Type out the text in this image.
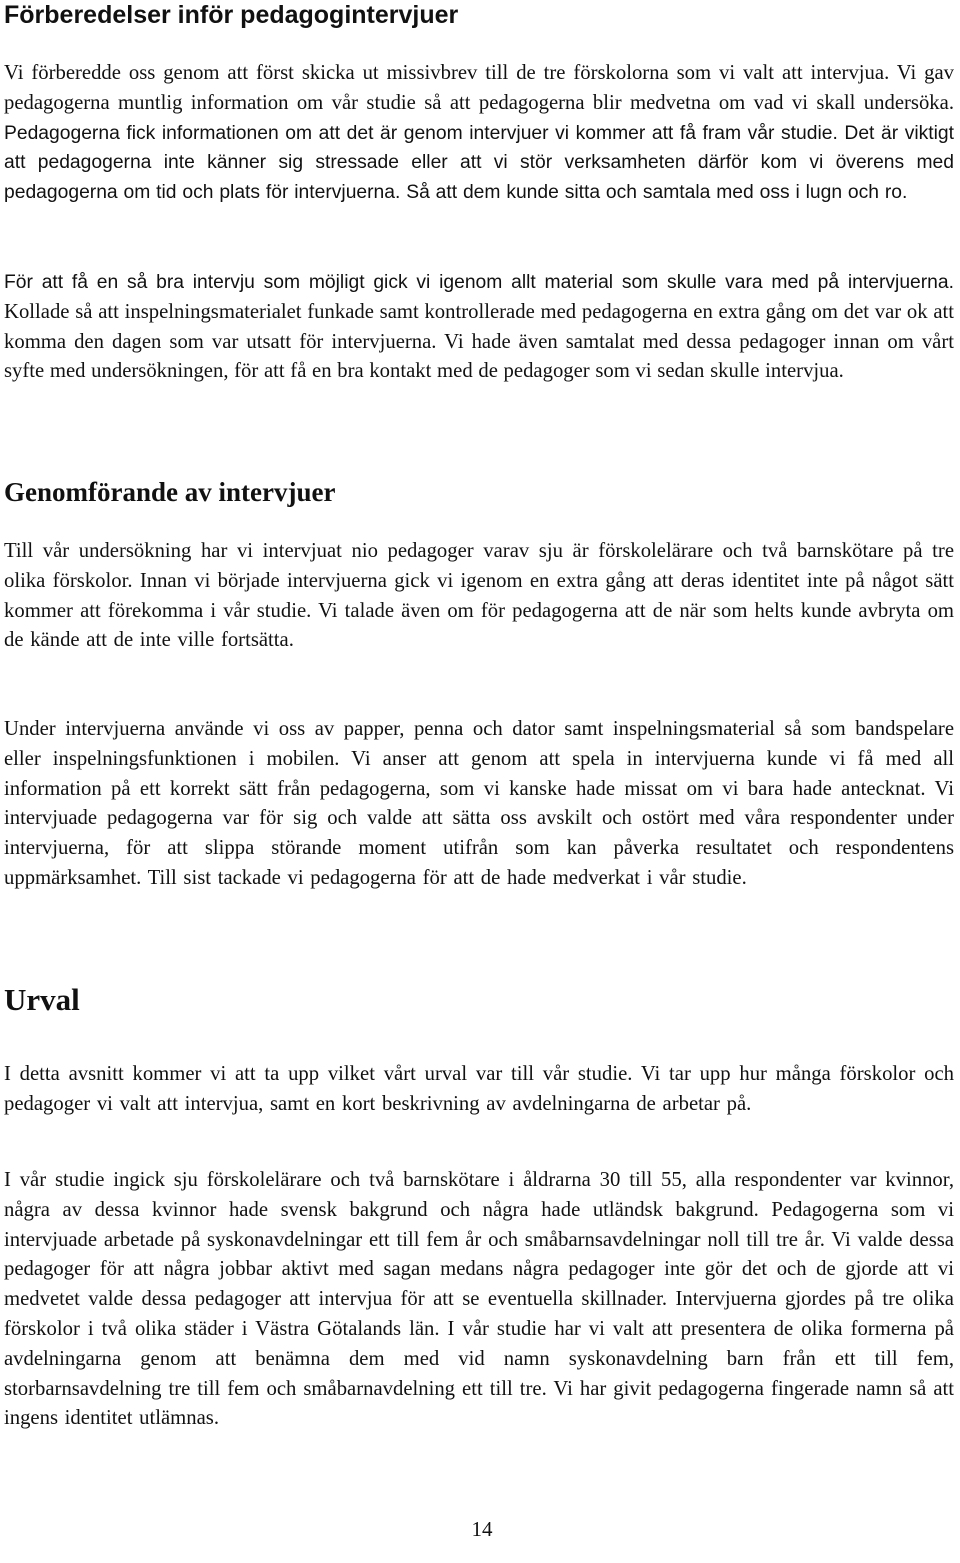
Förberedelser inför pedagogintervjuer

Vi förberedde oss genom att först skicka ut missivbrev till de tre förskolorna som vi valt att intervjua. Vi gav pedagogerna muntlig information om vår studie så att pedagogerna blir medvetna om vad vi skall undersöka. Pedagogerna fick informationen om att det är genom intervjuer vi kommer att få fram vår studie. Det är viktigt att pedagogerna inte känner sig stressade eller att vi stör verksamheten därför kom vi överens med pedagogerna om tid och plats för intervjuerna. Så att dem kunde sitta och samtala med oss i lugn och ro.

För att få en så bra intervju som möjligt gick vi igenom allt material som skulle vara med på intervjuerna. Kollade så att inspelningsmaterialet funkade samt kontrollerade med pedagogerna en extra gång om det var ok att komma den dagen som var utsatt för intervjuerna. Vi hade även samtalat med dessa pedagoger innan om vårt syfte med undersökningen, för att få en bra kontakt med de pedagoger som vi sedan skulle intervjua.

Genomförande av intervjuer

Till vår undersökning har vi intervjuat nio pedagoger varav sju är förskolelärare och två barnskötare på tre olika förskolor. Innan vi började intervjuerna gick vi igenom en extra gång att deras identitet inte på något sätt kommer att förekomma i vår studie. Vi talade även om för pedagogerna att de när som helts kunde avbryta om de kände att de inte ville fortsätta.

Under intervjuerna använde vi oss av papper, penna och dator samt inspelningsmaterial så som bandspelare eller inspelningsfunktionen i mobilen. Vi anser att genom att spela in intervjuerna kunde vi få med all information på ett korrekt sätt från pedagogerna, som vi kanske hade missat om vi bara hade antecknat. Vi intervjuade pedagogerna var för sig och valde att sätta oss avskilt och ostört med våra respondenter under intervjuerna, för att slippa störande moment utifrån som kan påverka resultatet och respondentens uppmärksamhet. Till sist tackade vi pedagogerna för att de hade medverkat i vår studie.

Urval

I detta avsnitt kommer vi att ta upp vilket vårt urval var till vår studie. Vi tar upp hur många förskolor och pedagoger vi valt att intervjua, samt en kort beskrivning av avdelningarna de arbetar på.

I vår studie ingick sju förskolelärare och två barnskötare i åldrarna 30 till 55, alla respondenter var kvinnor, några av dessa kvinnor hade svensk bakgrund och några hade utländsk bakgrund. Pedagogerna som vi intervjuade arbetade på syskonavdelningar ett till fem år och småbarnsavdelningar noll till tre år. Vi valde dessa pedagoger för att några jobbar aktivt med sagan medans några pedagoger inte gör det och de gjorde att vi medvetet valde dessa pedagoger att intervjua för att se eventuella skillnader. Intervjuerna gjordes på tre olika förskolor i två olika städer i Västra Götalands län. I vår studie har vi valt att presentera de olika formerna på avdelningarna genom att benämna dem med vid namn syskonavdelning barn från ett till fem, storbarnsavdelning tre till fem och småbarnavdelning ett till tre. Vi har givit pedagogerna fingerade namn så att ingens identitet utlämnas.

14
